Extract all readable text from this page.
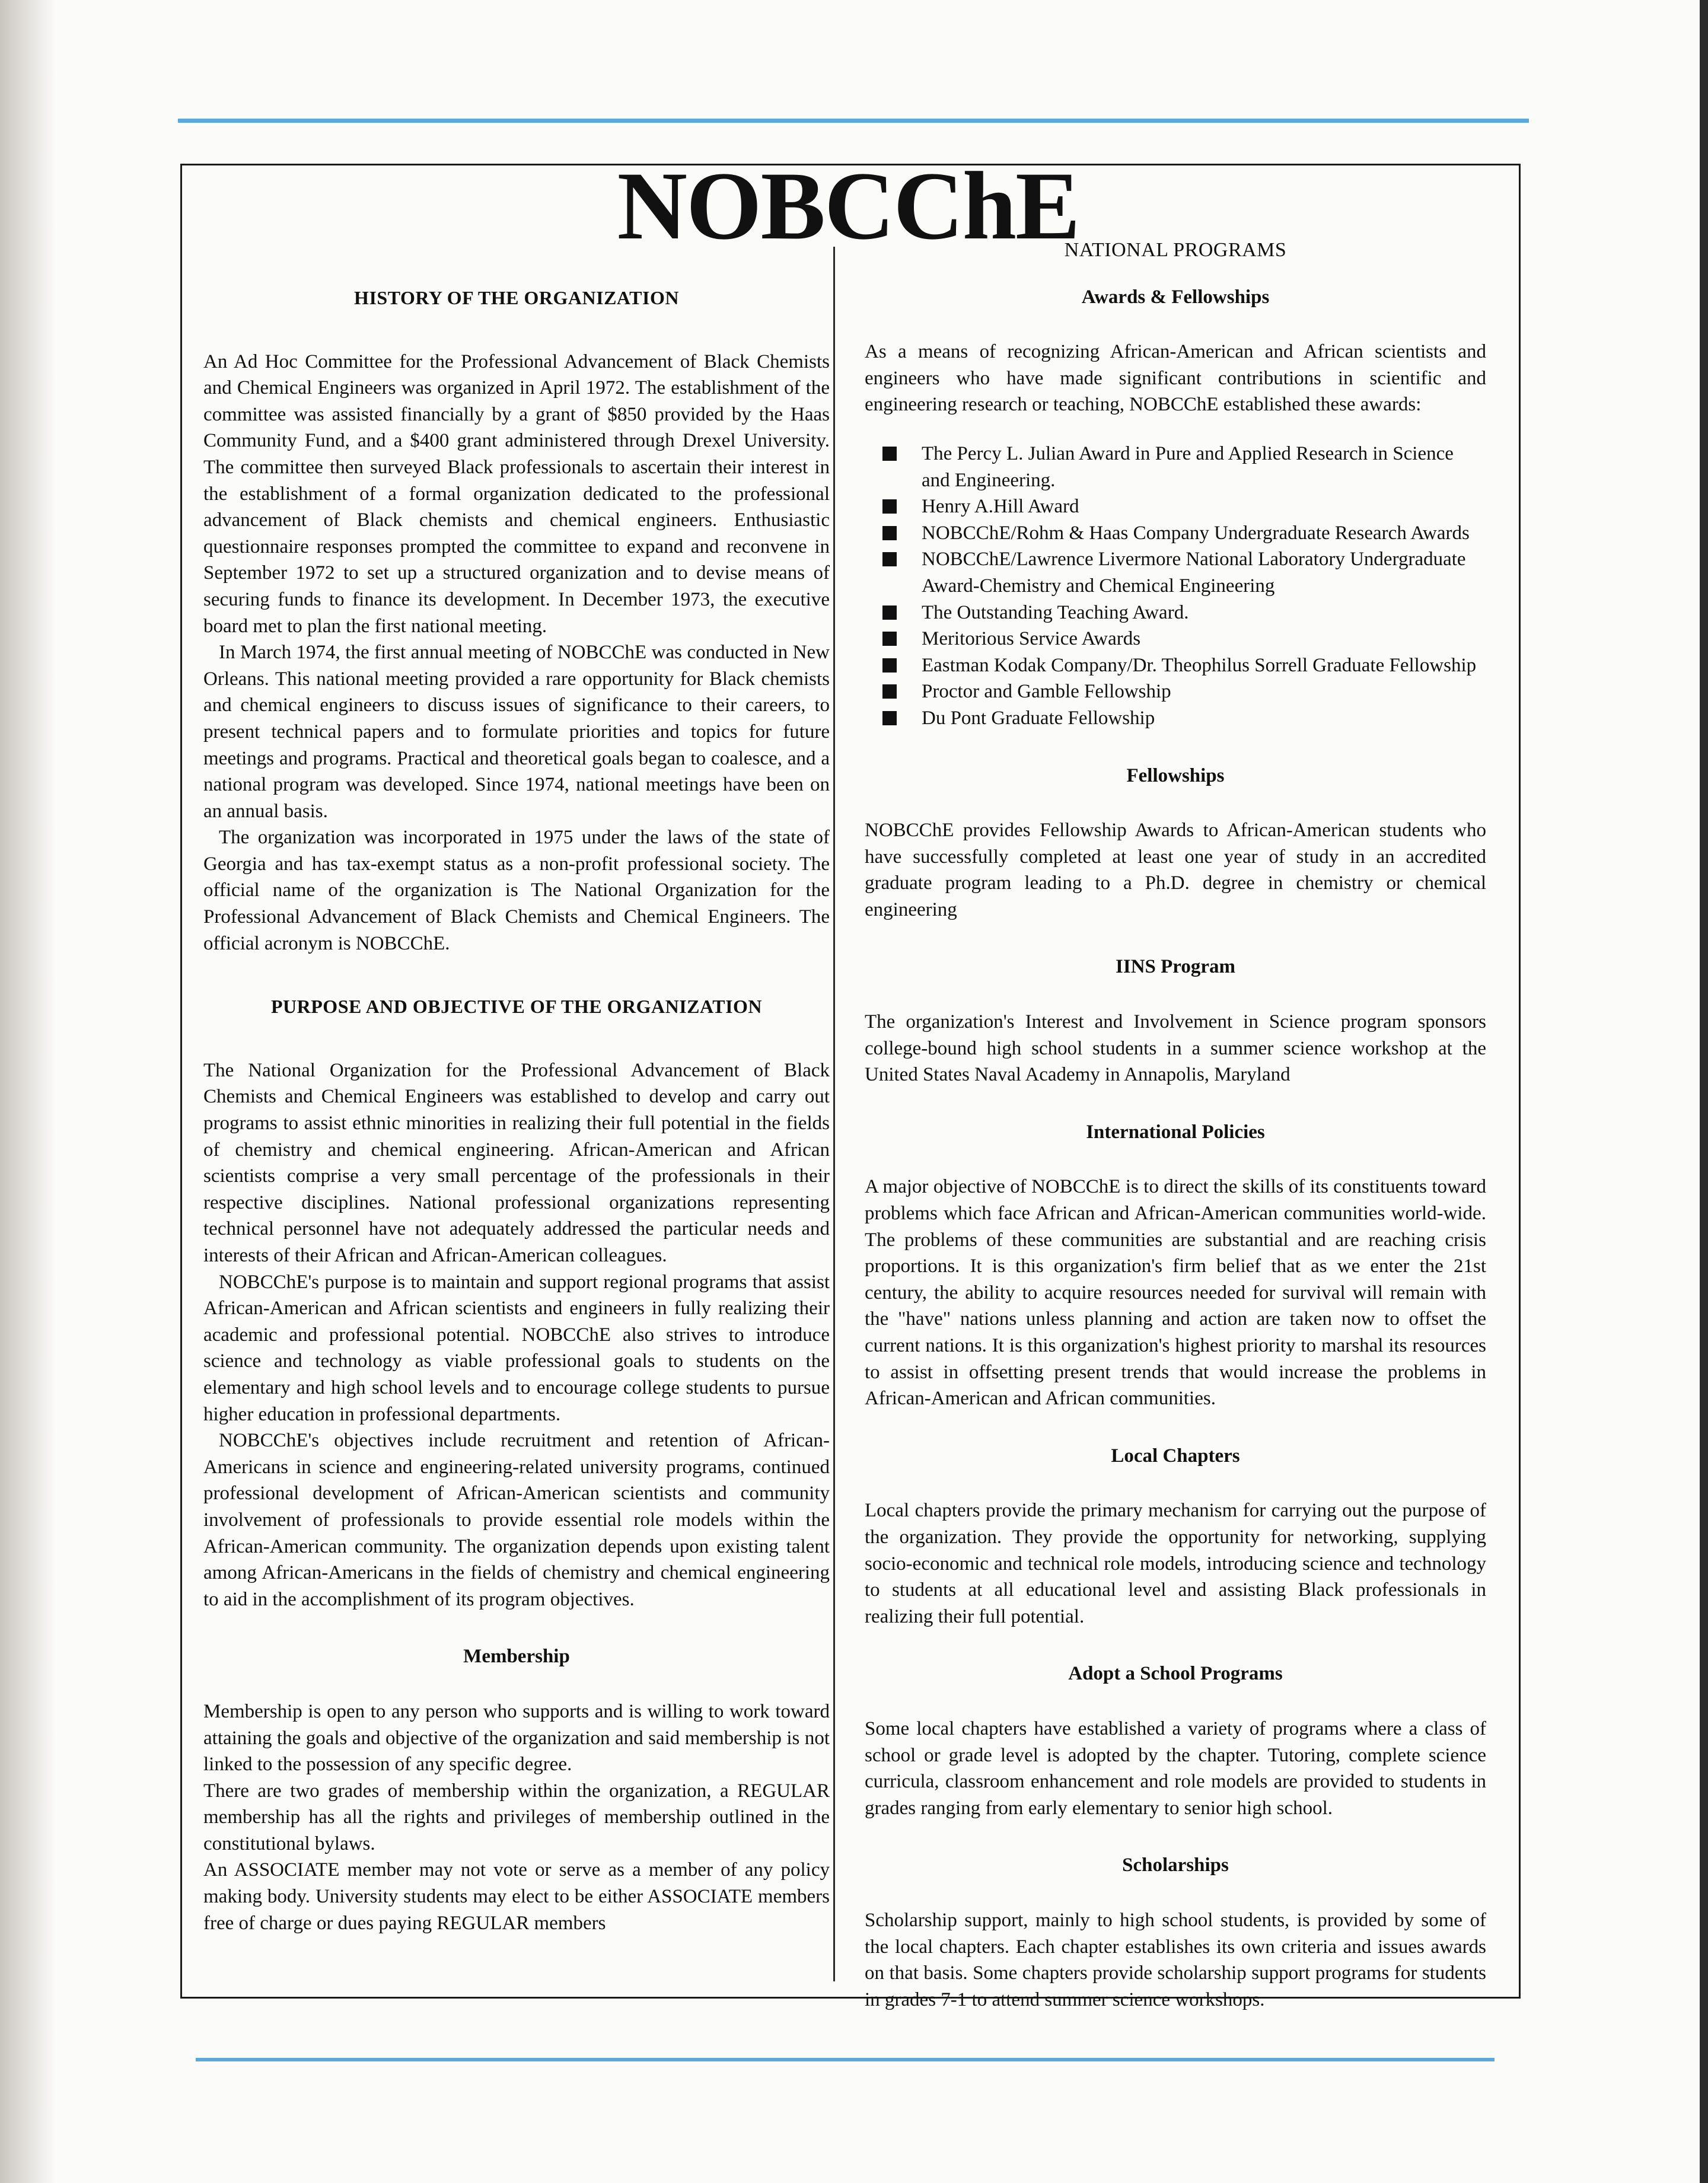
NOBCChE
HISTORY OF THE ORGANIZATION

An Ad Hoc Committee for the Professional Advancement of Black Chemists and Chemical Engineers was organized in April 1972. The establishment of the committee was assisted financially by a grant of $850 provided by the Haas Community Fund, and a $400 grant administered through Drexel University. The committee then surveyed Black professionals to ascertain their interest in the establishment of a formal organization dedicated to the professional advancement of Black chemists and chemical engineers. Enthusiastic questionnaire responses prompted the committee to expand and reconvene in September 1972 to set up a structured organization and to devise means of securing funds to finance its development. In December 1973, the executive board met to plan the first national meeting.

In March 1974, the first annual meeting of NOBCChE was conducted in New Orleans. This national meeting provided a rare opportunity for Black chemists and chemical engineers to discuss issues of significance to their careers, to present technical papers and to formulate priorities and topics for future meetings and programs. Practical and theoretical goals began to coalesce, and a national program was developed. Since 1974, national meetings have been on an annual basis.

The organization was incorporated in 1975 under the laws of the state of Georgia and has tax-exempt status as a non-profit professional society. The official name of the organization is The National Organization for the Professional Advancement of Black Chemists and Chemical Engineers. The official acronym is NOBCChE.

PURPOSE AND OBJECTIVE OF THE ORGANIZATION

The National Organization for the Professional Advancement of Black Chemists and Chemical Engineers was established to develop and carry out programs to assist ethnic minorities in realizing their full potential in the fields of chemistry and chemical engineering. African-American and African scientists comprise a very small percentage of the professionals in their respective disciplines. National professional organizations representing technical personnel have not adequately addressed the particular needs and interests of their African and African-American colleagues.

NOBCChE's purpose is to maintain and support regional programs that assist African-American and African scientists and engineers in fully realizing their academic and professional potential. NOBCChE also strives to introduce science and technology as viable professional goals to students on the elementary and high school levels and to encourage college students to pursue higher education in professional departments.

NOBCChE's objectives include recruitment and retention of African-Americans in science and engineering-related university programs, continued professional development of African-American scientists and community involvement of professionals to provide essential role models within the African-American community. The organization depends upon existing talent among African-Americans in the fields of chemistry and chemical engineering to aid in the accomplishment of its program objectives.

Membership

Membership is open to any person who supports and is willing to work toward attaining the goals and objective of the organization and said membership is not linked to the possession of any specific degree.

There are two grades of membership within the organization, a REGULAR membership has all the rights and privileges of membership outlined in the constitutional bylaws.

An ASSOCIATE member may not vote or serve as a member of any policy making body. University students may elect to be either ASSOCIATE members free of charge or dues paying REGULAR members

NATIONAL PROGRAMS
Awards & Fellowships

As a means of recognizing African-American and African scientists and engineers who have made significant contributions in scientific and engineering research or teaching, NOBCChE established these awards:

The Percy L. Julian Award in Pure and Applied Research in Science and Engineering.
Henry A.Hill Award
NOBCChE/Rohm & Haas Company Undergraduate Research Awards
NOBCChE/Lawrence Livermore National Laboratory Undergraduate Award-Chemistry and Chemical Engineering
The Outstanding Teaching Award.
Meritorious Service Awards
Eastman Kodak Company/Dr. Theophilus Sorrell Graduate Fellowship
Proctor and Gamble Fellowship
Du Pont Graduate Fellowship
Fellowships

NOBCChE provides Fellowship Awards to African-American students who have successfully completed at least one year of study in an accredited graduate program leading to a Ph.D. degree in chemistry or chemical engineering

IINS Program

The organization's Interest and Involvement in Science program sponsors college-bound high school students in a summer science workshop at the United States Naval Academy in Annapolis, Maryland

International Policies

A major objective of NOBCChE is to direct the skills of its constituents toward problems which face African and African-American communities world-wide. The problems of these communities are substantial and are reaching crisis proportions. It is this organization's firm belief that as we enter the 21st century, the ability to acquire resources needed for survival will remain with the "have" nations unless planning and action are taken now to offset the current nations. It is this organization's highest priority to marshal its resources to assist in offsetting present trends that would increase the problems in African-American and African communities.

Local Chapters

Local chapters provide the primary mechanism for carrying out the purpose of the organization. They provide the opportunity for networking, supplying socio-economic and technical role models, introducing science and technology to students at all educational level and assisting Black professionals in realizing their full potential.

Adopt a School Programs

Some local chapters have established a variety of programs where a class of school or grade level is adopted by the chapter. Tutoring, complete science curricula, classroom enhancement and role models are provided to students in grades ranging from early elementary to senior high school.

Scholarships

Scholarship support, mainly to high school students, is provided by some of the local chapters. Each chapter establishes its own criteria and issues awards on that basis. Some chapters provide scholarship support programs for students in grades 7-1 to attend summer science workshops.
